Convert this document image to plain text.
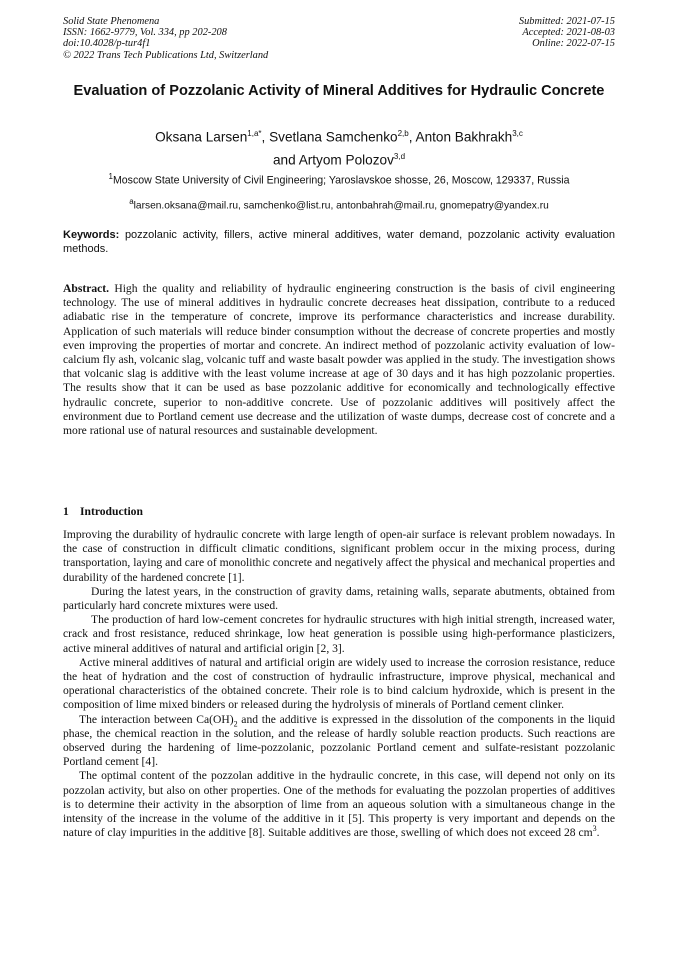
Solid State Phenomena
ISSN: 1662-9779, Vol. 334, pp 202-208
doi:10.4028/p-tur4f1
© 2022 Trans Tech Publications Ltd, Switzerland
Submitted: 2021-07-15
Accepted: 2021-08-03
Online: 2022-07-15
Evaluation of Pozzolanic Activity of Mineral Additives for Hydraulic Concrete
Oksana Larsen$^{1,a*}$, Svetlana Samchenko$^{2,b}$, Anton Bakhrakh$^{3,c}$
and Artyom Polozov$^{3,d}$
$^1$Moscow State University of Civil Engineering; Yaroslavskoe shosse, 26, Moscow, 129337, Russia
$^a$larsen.oksana@mail.ru, samchenko@list.ru, antonbahrah@mail.ru, gnomepatry@yandex.ru
Keywords: pozzolanic activity, fillers, active mineral additives, water demand, pozzolanic activity evaluation methods.
Abstract. High the quality and reliability of hydraulic engineering construction is the basis of civil engineering technology. The use of mineral additives in hydraulic concrete decreases heat dissipation, contribute to a reduced adiabatic rise in the temperature of concrete, improve its performance characteristics and increase durability. Application of such materials will reduce binder consumption without the decrease of concrete properties and mostly even improving the properties of mortar and concrete. An indirect method of pozzolanic activity evaluation of low-calcium fly ash, volcanic slag, volcanic tuff and waste basalt powder was applied in the study. The investigation shows that volcanic slag is additive with the least volume increase at age of 30 days and it has high pozzolanic properties. The results show that it can be used as base pozzolanic additive for economically and technologically effective hydraulic concrete, superior to non-additive concrete. Use of pozzolanic additives will positively affect the environment due to Portland cement use decrease and the utilization of waste dumps, decrease cost of concrete and a more rational use of natural resources and sustainable development.
1 Introduction

Improving the durability of hydraulic concrete with large length of open-air surface is relevant problem nowadays. In the case of construction in difficult climatic conditions, significant problem occur in the mixing process, during transportation, laying and care of monolithic concrete and negatively affect the physical and mechanical properties and durability of the hardened concrete [1].

During the latest years, in the construction of gravity dams, retaining walls, separate abutments, obtained from particularly hard concrete mixtures were used.

The production of hard low-cement concretes for hydraulic structures with high initial strength, increased water, crack and frost resistance, reduced shrinkage, low heat generation is possible using high-performance plasticizers, active mineral additives of natural and artificial origin [2, 3].

Active mineral additives of natural and artificial origin are widely used to increase the corrosion resistance, reduce the heat of hydration and the cost of construction of hydraulic infrastructure, improve physical, mechanical and operational characteristics of the obtained concrete. Their role is to bind calcium hydroxide, which is present in the composition of lime mixed binders or released during the hydrolysis of minerals of Portland cement clinker.

The interaction between $Ca(OH)_2$ and the additive is expressed in the dissolution of the components in the liquid phase, the chemical reaction in the solution, and the release of hardly soluble reaction products. Such reactions are observed during the hardening of lime-pozzolanic, pozzolanic Portland cement and sulfate-resistant pozzolanic Portland cement [4].

The optimal content of the pozzolan additive in the hydraulic concrete, in this case, will depend not only on its pozzolan activity, but also on other properties. One of the methods for evaluating the pozzolan properties of additives is to determine their activity in the absorption of lime from an aqueous solution with a simultaneous change in the intensity of the increase in the volume of the additive in it [5]. This property is very important and depends on the nature of clay impurities in the additive [8]. Suitable additives are those, swelling of which does not exceed 28 $cm^3$.
